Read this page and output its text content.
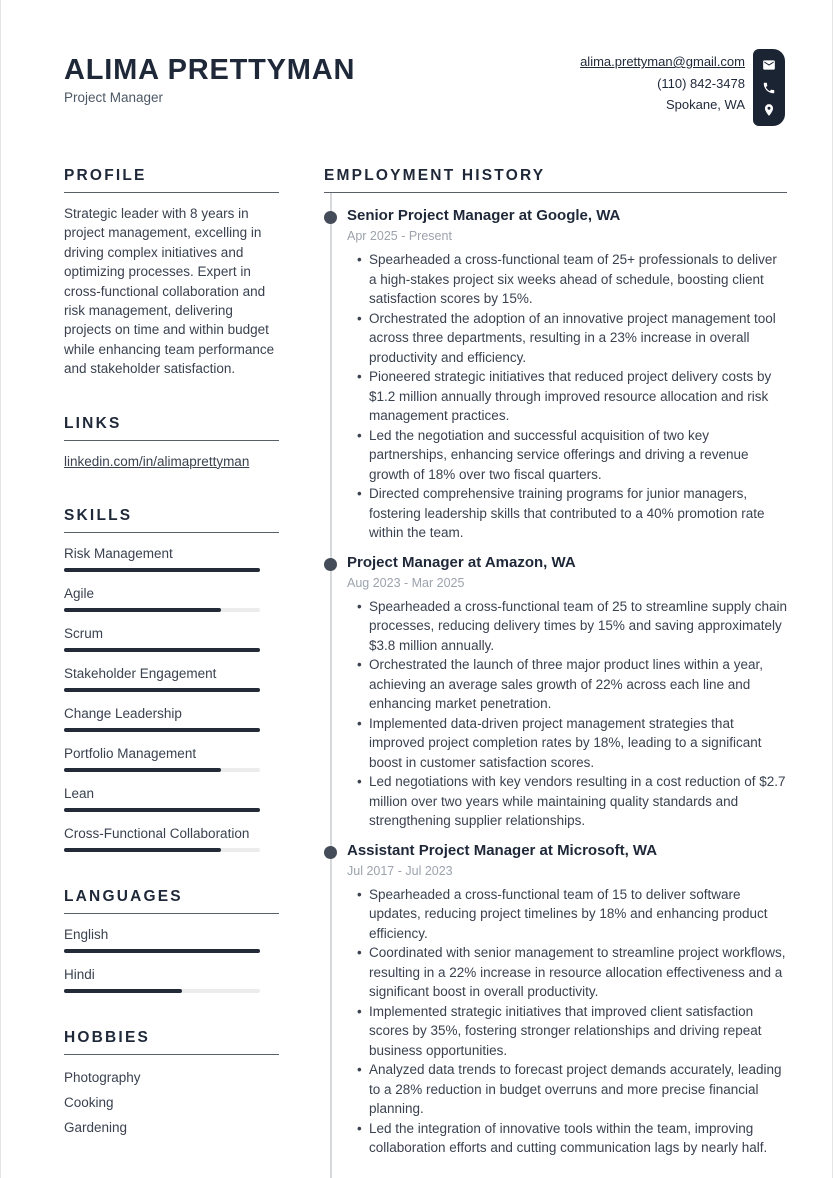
ALIMA PRETTYMAN
Project Manager
alima.prettyman@gmail.com
(110) 842-3478
Spokane, WA
PROFILE

Strategic leader with 8 years in project management, excelling in driving complex initiatives and optimizing processes. Expert in cross-functional collaboration and risk management, delivering projects on time and within budget while enhancing team performance and stakeholder satisfaction.

LINKS
linkedin.com/in/alimaprettyman
SKILLS
Risk Management
Agile
Scrum
Stakeholder Engagement
Change Leadership
Portfolio Management
Lean
Cross-Functional Collaboration
LANGUAGES
English
Hindi
HOBBIES
Photography
Cooking
Gardening
EMPLOYMENT HISTORY
Senior Project Manager at Google, WA
Apr 2025 - Present
• Spearheaded a cross-functional team of 25+ professionals to deliver a high-stakes project six weeks ahead of schedule, boosting client satisfaction scores by 15%.
• Orchestrated the adoption of an innovative project management tool across three departments, resulting in a 23% increase in overall productivity and efficiency.
• Pioneered strategic initiatives that reduced project delivery costs by $1.2 million annually through improved resource allocation and risk management practices.
• Led the negotiation and successful acquisition of two key partnerships, enhancing service offerings and driving a revenue growth of 18% over two fiscal quarters.
• Directed comprehensive training programs for junior managers, fostering leadership skills that contributed to a 40% promotion rate within the team.
Project Manager at Amazon, WA
Aug 2023 - Mar 2025
• Spearheaded a cross-functional team of 25 to streamline supply chain processes, reducing delivery times by 15% and saving approximately $3.8 million annually.
• Orchestrated the launch of three major product lines within a year, achieving an average sales growth of 22% across each line and enhancing market penetration.
• Implemented data-driven project management strategies that improved project completion rates by 18%, leading to a significant boost in customer satisfaction scores.
• Led negotiations with key vendors resulting in a cost reduction of $2.7 million over two years while maintaining quality standards and strengthening supplier relationships.
Assistant Project Manager at Microsoft, WA
Jul 2017 - Jul 2023
• Spearheaded a cross-functional team of 15 to deliver software updates, reducing project timelines by 18% and enhancing product efficiency.
• Coordinated with senior management to streamline project workflows, resulting in a 22% increase in resource allocation effectiveness and a significant boost in overall productivity.
• Implemented strategic initiatives that improved client satisfaction scores by 35%, fostering stronger relationships and driving repeat business opportunities.
• Analyzed data trends to forecast project demands accurately, leading to a 28% reduction in budget overruns and more precise financial planning.
• Led the integration of innovative tools within the team, improving collaboration efforts and cutting communication lags by nearly half.
